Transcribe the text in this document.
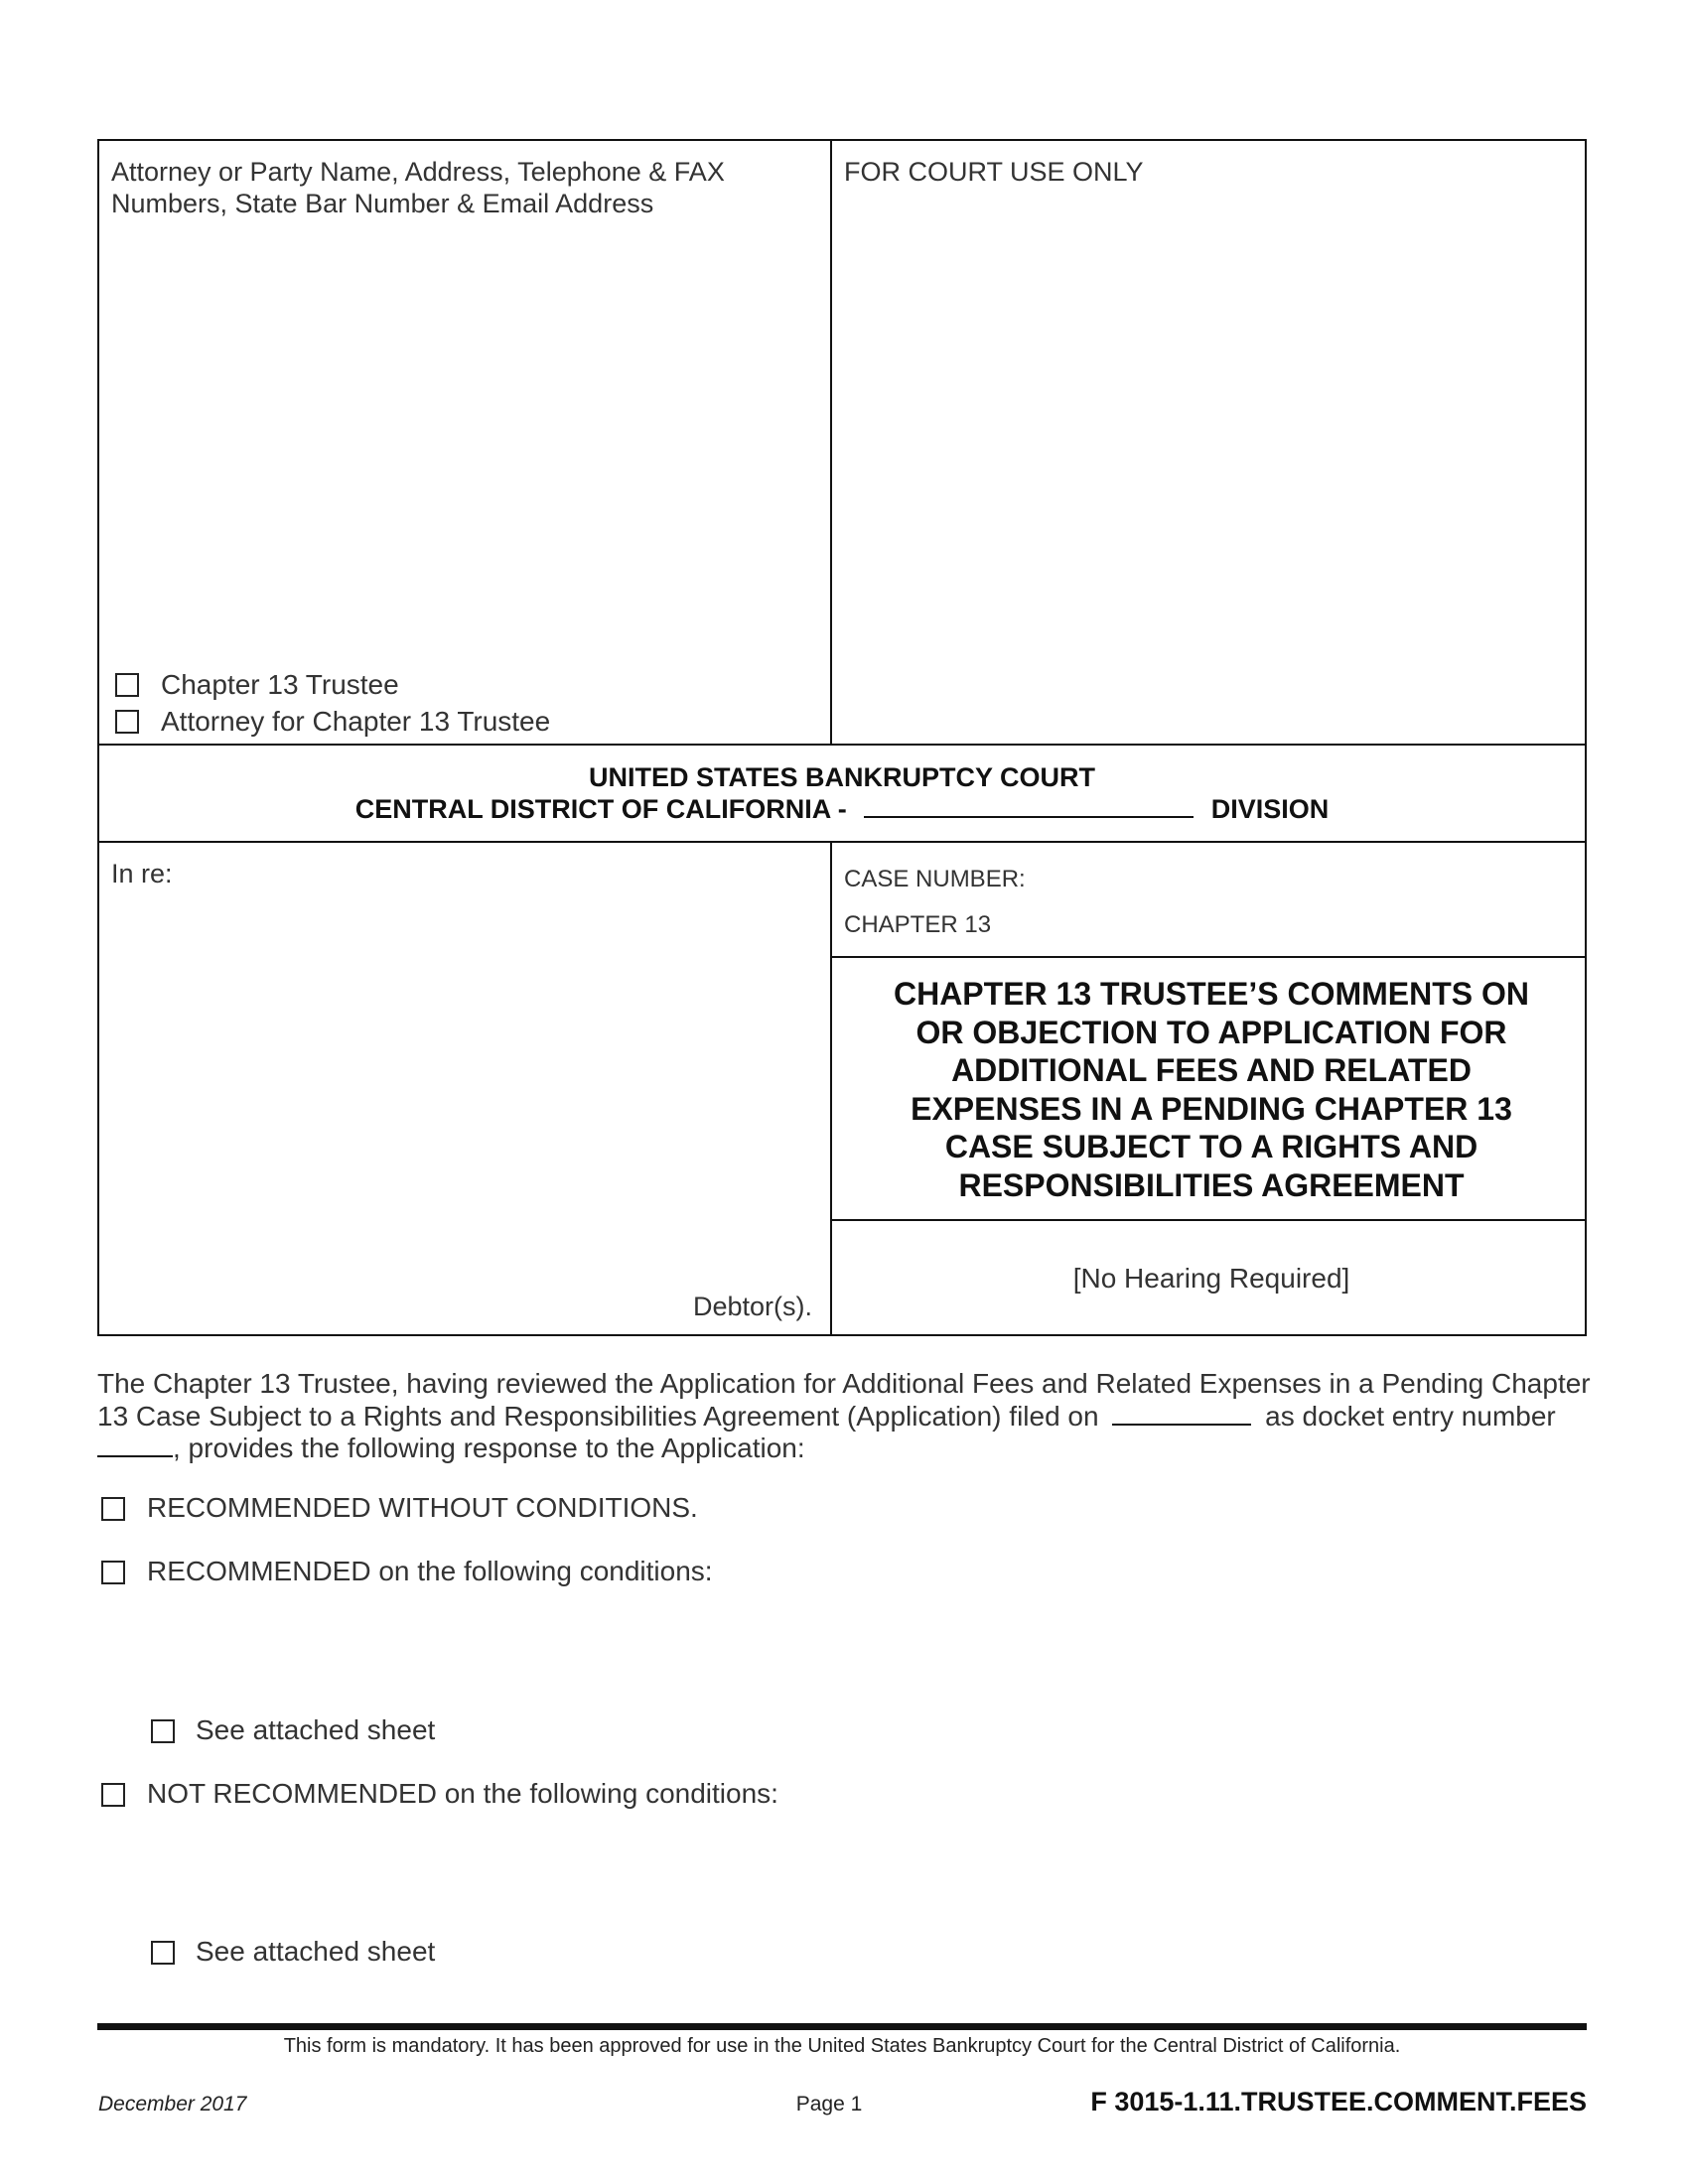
Attorney or Party Name, Address, Telephone & FAX
Numbers, State Bar Number & Email Address
Chapter 13 Trustee
Attorney for Chapter 13 Trustee
FOR COURT USE ONLY
UNITED STATES BANKRUPTCY COURT
CENTRAL DISTRICT OF CALIFORNIA -	DIVISION
In re:
Debtor(s).
CASE NUMBER:
CHAPTER 13
CHAPTER 13 TRUSTEE’S COMMENTS ON
OR OBJECTION TO APPLICATION FOR
ADDITIONAL FEES AND RELATED
EXPENSES IN A PENDING CHAPTER 13
CASE SUBJECT TO A RIGHTS AND
RESPONSIBILITIES AGREEMENT
[No Hearing Required]
The Chapter 13 Trustee, having reviewed the Application for Additional Fees and Related Expenses in a Pending Chapter
13 Case Subject to a Rights and Responsibilities Agreement (Application) filed on	as docket entry number
, provides the following response to the Application:
RECOMMENDED WITHOUT CONDITIONS.
RECOMMENDED on the following conditions:
See attached sheet
NOT RECOMMENDED on the following conditions:
See attached sheet
This form is mandatory. It has been approved for use in the United States Bankruptcy Court for the Central District of California.
December 2017	Page 1	F 3015-1.11.TRUSTEE.COMMENT.FEES
